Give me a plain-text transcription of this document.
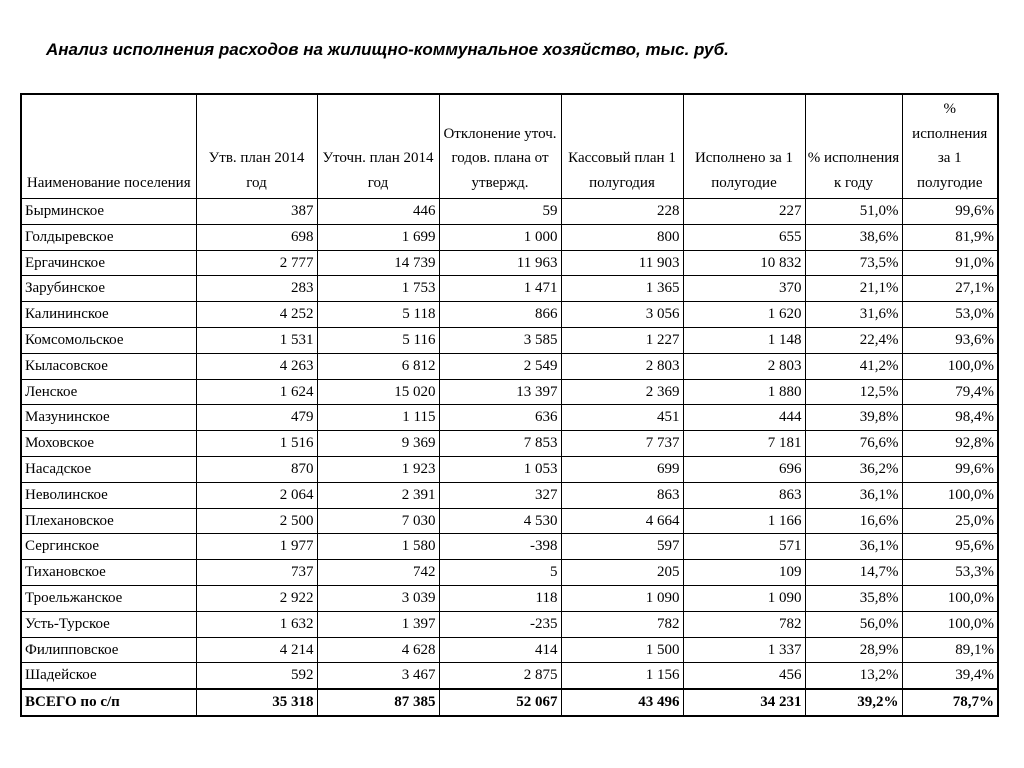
Анализ исполнения расходов на жилищно-коммунальное хозяйство, тыс. руб.
Наименование поселения	Утв. план 2014 год	Уточн. план 2014 год	Отклонение уточ. годов. плана от утвержд.	Кассовый план 1 полугодия	Исполнено за 1 полугодие	% исполнения к году	% исполнения за 1 полугодие
Бырминское	387	446	59	228	227	51,0%	99,6%
Голдыревское	698	1 699	1 000	800	655	38,6%	81,9%
Ергачинское	2 777	14 739	11 963	11 903	10 832	73,5%	91,0%
Зарубинское	283	1 753	1 471	1 365	370	21,1%	27,1%
Калининское	4 252	5 118	866	3 056	1 620	31,6%	53,0%
Комсомольское	1 531	5 116	3 585	1 227	1 148	22,4%	93,6%
Кыласовское	4 263	6 812	2 549	2 803	2 803	41,2%	100,0%
Ленское	1 624	15 020	13 397	2 369	1 880	12,5%	79,4%
Мазунинское	479	1 115	636	451	444	39,8%	98,4%
Моховское	1 516	9 369	7 853	7 737	7 181	76,6%	92,8%
Насадское	870	1 923	1 053	699	696	36,2%	99,6%
Неволинское	2 064	2 391	327	863	863	36,1%	100,0%
Плехановское	2 500	7 030	4 530	4 664	1 166	16,6%	25,0%
Сергинское	1 977	1 580	-398	597	571	36,1%	95,6%
Тихановское	737	742	5	205	109	14,7%	53,3%
Троельжанское	2 922	3 039	118	1 090	1 090	35,8%	100,0%
Усть-Турское	1 632	1 397	-235	782	782	56,0%	100,0%
Филипповское	4 214	4 628	414	1 500	1 337	28,9%	89,1%
Шадейское	592	3 467	2 875	1 156	456	13,2%	39,4%
ВСЕГО по с/п	35 318	87 385	52 067	43 496	34 231	39,2%	78,7%
